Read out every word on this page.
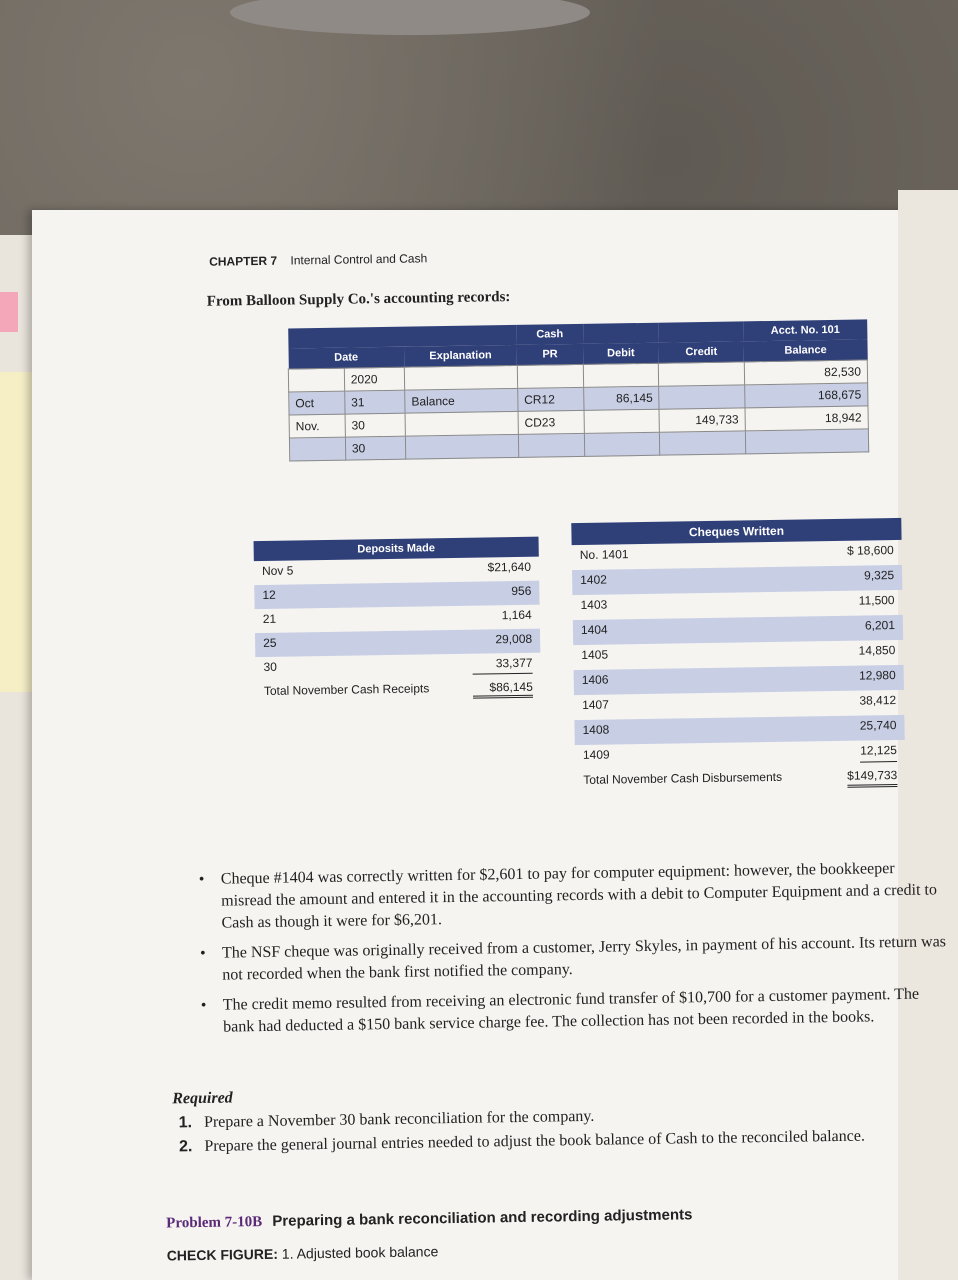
CHAPTER 7 Internal Control and Cash
From Balloon Supply Co.'s accounting records:
			Cash			Acct. No. 101
Date		Explanation	PR	Debit	Credit	Balance
	2020					82,530
Oct	31	Balance	CR12	86,145		168,675
Nov.	30		CD23		149,733	18,942
	30					
Deposits Made
Nov 5	$21,640
12	956
21	1,164
25	29,008
30	33,377
Total November Cash Receipts	$86,145
Cheques Written
No. 1401	$ 18,600
1402	9,325
1403	11,500
1404	6,201
1405	14,850
1406	12,980
1407	38,412
1408	25,740
1409	12,125
Total November Cash Disbursements	$149,733
• Cheque #1404 was correctly written for $2,601 to pay for computer equipment: however, the bookkeeper misread the amount and entered it in the accounting records with a debit to Computer Equipment and a credit to Cash as though it were for $6,201.
• The NSF cheque was originally received from a customer, Jerry Skyles, in payment of his account. Its return was not recorded when the bank first notified the company.
• The credit memo resulted from receiving an electronic fund transfer of $10,700 for a customer payment. The bank had deducted a $150 bank service charge fee. The collection has not been recorded in the books.
Required
1. Prepare a November 30 bank reconciliation for the company.
2. Prepare the general journal entries needed to adjust the book balance of Cash to the reconciled balance.
Problem 7-10B Preparing a bank reconciliation and recording adjustments
CHECK FIGURE: 1. Adjusted book balance
